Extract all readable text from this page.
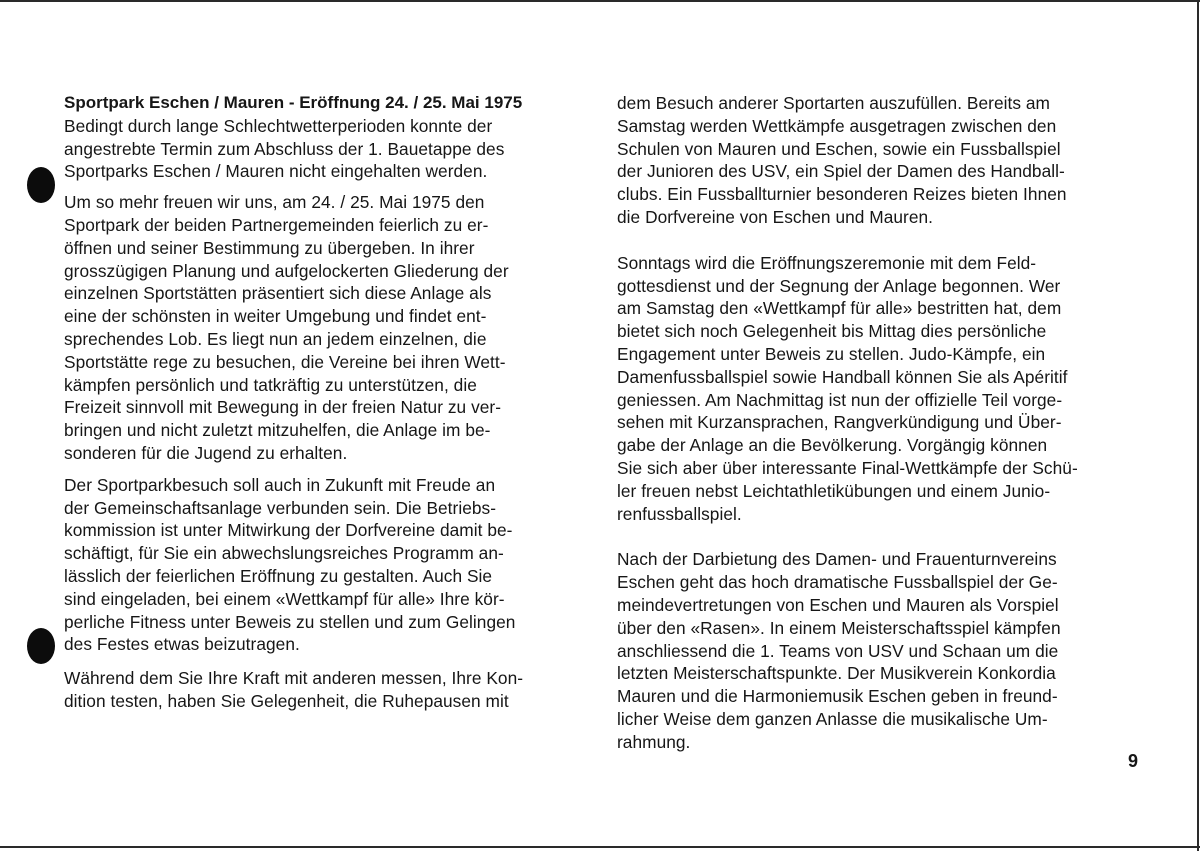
Sportpark Eschen / Mauren - Eröffnung 24. / 25. Mai 1975

Bedingt durch lange Schlechtwetterperioden konnte der
angestrebte Termin zum Abschluss der 1. Bauetappe des
Sportparks Eschen / Mauren nicht eingehalten werden.

Um so mehr freuen wir uns, am 24. / 25. Mai 1975 den
Sportpark der beiden Partnergemeinden feierlich zu er-
öffnen und seiner Bestimmung zu übergeben. In ihrer
grosszügigen Planung und aufgelockerten Gliederung der
einzelnen Sportstätten präsentiert sich diese Anlage als
eine der schönsten in weiter Umgebung und findet ent-
sprechendes Lob. Es liegt nun an jedem einzelnen, die
Sportstätte rege zu besuchen, die Vereine bei ihren Wett-
kämpfen persönlich und tatkräftig zu unterstützen, die
Freizeit sinnvoll mit Bewegung in der freien Natur zu ver-
bringen und nicht zuletzt mitzuhelfen, die Anlage im be-
sonderen für die Jugend zu erhalten.

Der Sportparkbesuch soll auch in Zukunft mit Freude an
der Gemeinschaftsanlage verbunden sein. Die Betriebs-
kommission ist unter Mitwirkung der Dorfvereine damit be-
schäftigt, für Sie ein abwechslungsreiches Programm an-
lässlich der feierlichen Eröffnung zu gestalten. Auch Sie
sind eingeladen, bei einem «Wettkampf für alle» Ihre kör-
perliche Fitness unter Beweis zu stellen und zum Gelingen
des Festes etwas beizutragen.

Während dem Sie Ihre Kraft mit anderen messen, Ihre Kon-
dition testen, haben Sie Gelegenheit, die Ruhepausen mit

dem Besuch anderer Sportarten auszufüllen. Bereits am
Samstag werden Wettkämpfe ausgetragen zwischen den
Schulen von Mauren und Eschen, sowie ein Fussballspiel
der Junioren des USV, ein Spiel der Damen des Handball-
clubs. Ein Fussballturnier besonderen Reizes bieten Ihnen
die Dorfvereine von Eschen und Mauren.

Sonntags wird die Eröffnungszeremonie mit dem Feld-
gottesdienst und der Segnung der Anlage begonnen. Wer
am Samstag den «Wettkampf für alle» bestritten hat, dem
bietet sich noch Gelegenheit bis Mittag dies persönliche
Engagement unter Beweis zu stellen. Judo-Kämpfe, ein
Damenfussballspiel sowie Handball können Sie als Apéritif
geniessen. Am Nachmittag ist nun der offizielle Teil vorge-
sehen mit Kurzansprachen, Rangverkündigung und Über-
gabe der Anlage an die Bevölkerung. Vorgängig können
Sie sich aber über interessante Final-Wettkämpfe der Schü-
ler freuen nebst Leichtathletikübungen und einem Junio-
renfussballspiel.

Nach der Darbietung des Damen- und Frauenturnvereins
Eschen geht das hoch dramatische Fussballspiel der Ge-
meindevertretungen von Eschen und Mauren als Vorspiel
über den «Rasen». In einem Meisterschaftsspiel kämpfen
anschliessend die 1. Teams von USV und Schaan um die
letzten Meisterschaftspunkte. Der Musikverein Konkordia
Mauren und die Harmoniemusik Eschen geben in freund-
licher Weise dem ganzen Anlasse die musikalische Um-
rahmung.

9
